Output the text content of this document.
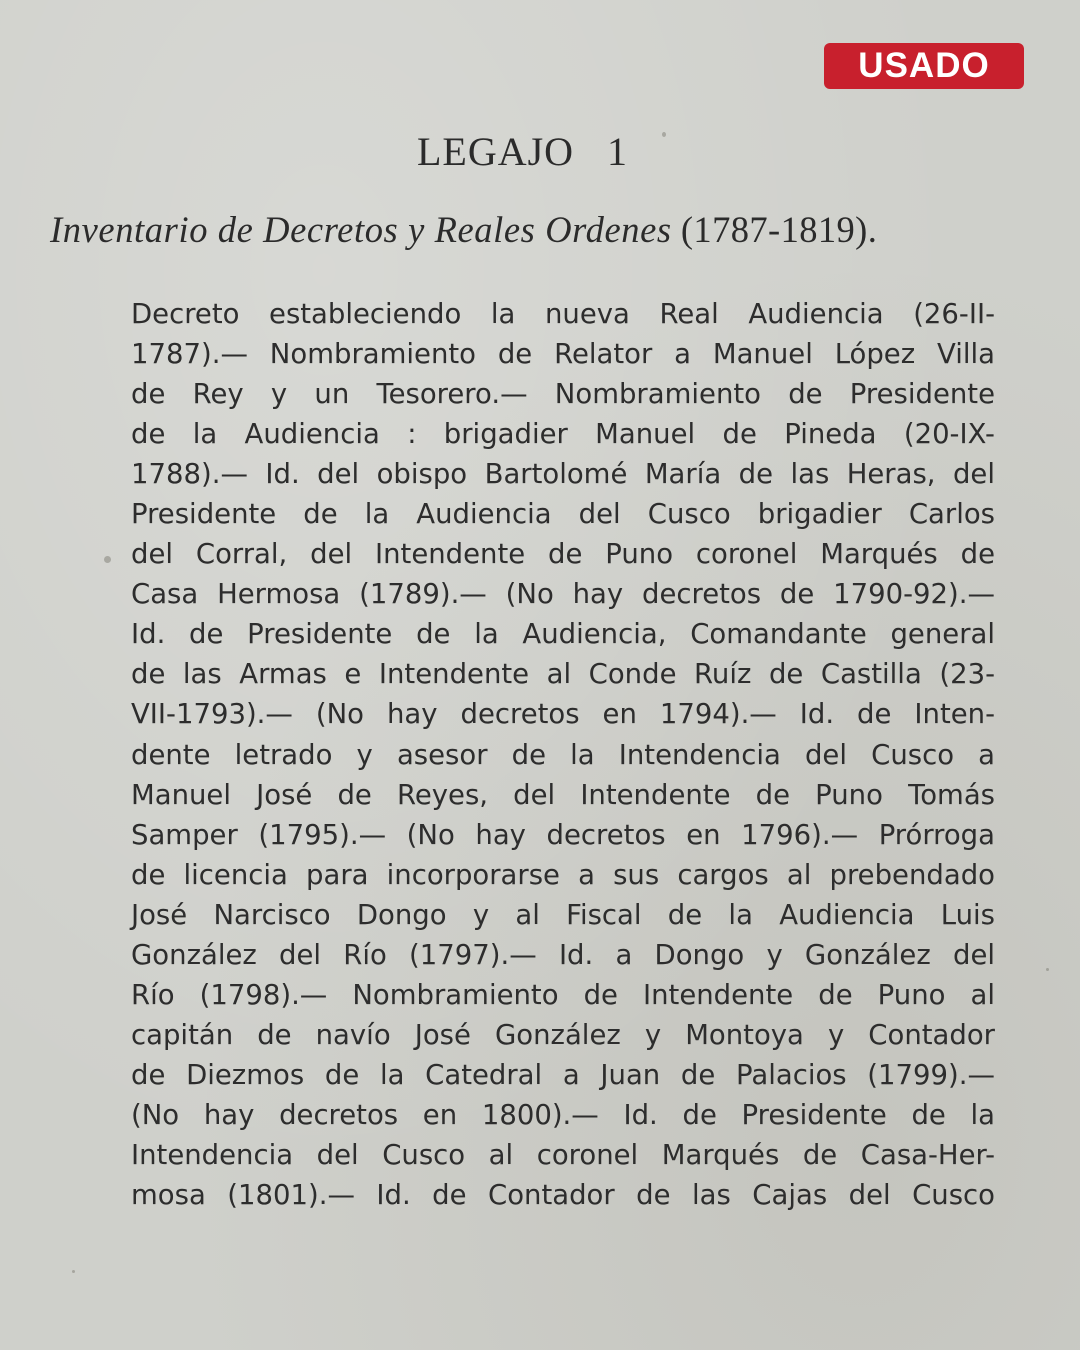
USADO
LEGAJO 1

Inventario de Decretos y Reales Ordenes (1787-1819).

Decreto estableciendo la nueva Real Audiencia (26-II-
1787).— Nombramiento de Relator a Manuel López Villa
de Rey y un Tesorero.— Nombramiento de Presidente
de la Audiencia : brigadier Manuel de Pineda (20-IX-
1788).— Id. del obispo Bartolomé María de las Heras, del
Presidente de la Audiencia del Cusco brigadier Carlos
del Corral, del Intendente de Puno coronel Marqués de
Casa Hermosa (1789).— (No hay decretos de 1790-92).—
Id. de Presidente de la Audiencia, Comandante general
de las Armas e Intendente al Conde Ruíz de Castilla (23-
VII-1793).— (No hay decretos en 1794).— Id. de Inten-
dente letrado y asesor de la Intendencia del Cusco a
Manuel José de Reyes, del Intendente de Puno Tomás
Samper (1795).— (No hay decretos en 1796).— Prórroga
de licencia para incorporarse a sus cargos al prebendado
José Narcisco Dongo y al Fiscal de la Audiencia Luis
González del Río (1797).— Id. a Dongo y González del
Río (1798).— Nombramiento de Intendente de Puno al
capitán de navío José González y Montoya y Contador
de Diezmos de la Catedral a Juan de Palacios (1799).—
(No hay decretos en 1800).— Id. de Presidente de la
Intendencia del Cusco al coronel Marqués de Casa-Her-
mosa (1801).— Id. de Contador de las Cajas del Cusco
